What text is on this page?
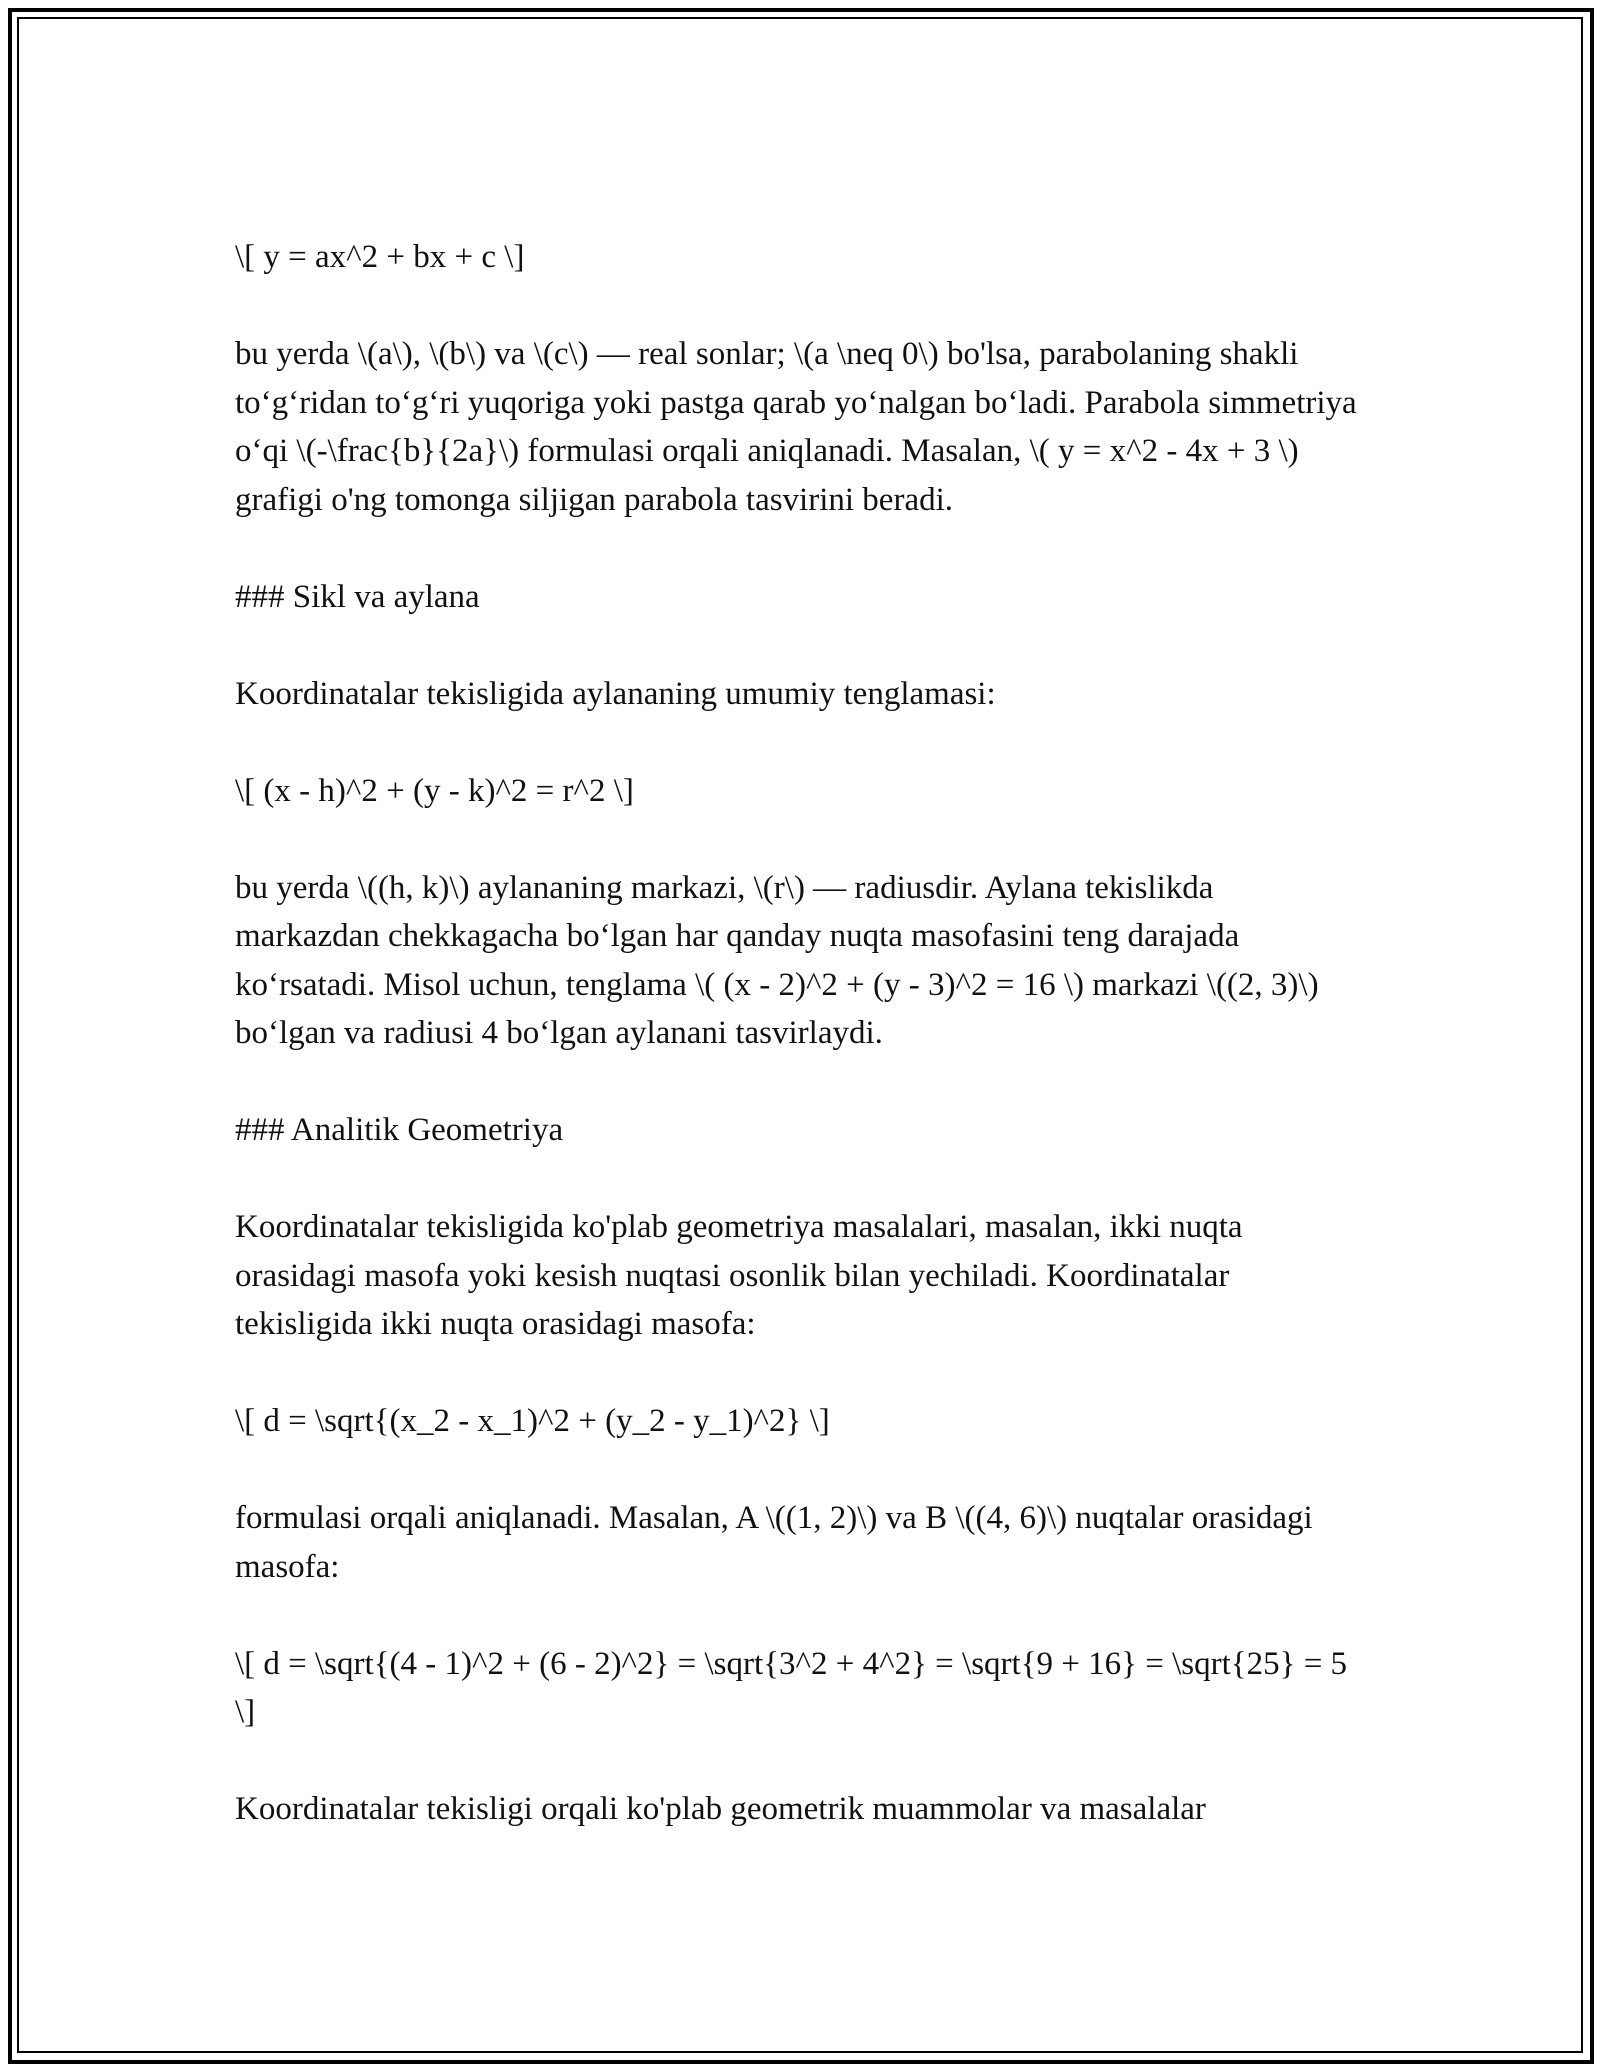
\[ y = ax^2 + bx + c \]

bu yerda \(a\), \(b\) va \(c\) — real sonlar; \(a \neq 0\) bo'lsa, parabolaning shakli to‘g‘ridan to‘g‘ri yuqoriga yoki pastga qarab yo‘nalgan bo‘ladi. Parabola simmetriya o‘qi \(-\frac{b}{2a}\) formulasi orqali aniqlanadi. Masalan, \( y = x^2 - 4x + 3 \) grafigi o'ng tomonga siljigan parabola tasvirini beradi.

### Sikl va aylana

Koordinatalar tekisligida aylananing umumiy tenglamasi:

\[ (x - h)^2 + (y - k)^2 = r^2 \]

bu yerda \((h, k)\) aylananing markazi, \(r\) — radiusdir. Aylana tekislikda markazdan chekkagacha bo‘lgan har qanday nuqta masofasini teng darajada ko‘rsatadi. Misol uchun, tenglama \( (x - 2)^2 + (y - 3)^2 = 16 \) markazi \((2, 3)\) bo‘lgan va radiusi 4 bo‘lgan aylanani tasvirlaydi.

### Analitik Geometriya

Koordinatalar tekisligida ko'plab geometriya masalalari, masalan, ikki nuqta orasidagi masofa yoki kesish nuqtasi osonlik bilan yechiladi. Koordinatalar tekisligida ikki nuqta orasidagi masofa:

\[ d = \sqrt{(x_2 - x_1)^2 + (y_2 - y_1)^2} \]

formulasi orqali aniqlanadi. Masalan, A \((1, 2)\) va B \((4, 6)\) nuqtalar orasidagi masofa:

\[ d = \sqrt{(4 - 1)^2 + (6 - 2)^2} = \sqrt{3^2 + 4^2} = \sqrt{9 + 16} = \sqrt{25} = 5 \]

Koordinatalar tekisligi orqali ko'plab geometrik muammolar va masalalar
